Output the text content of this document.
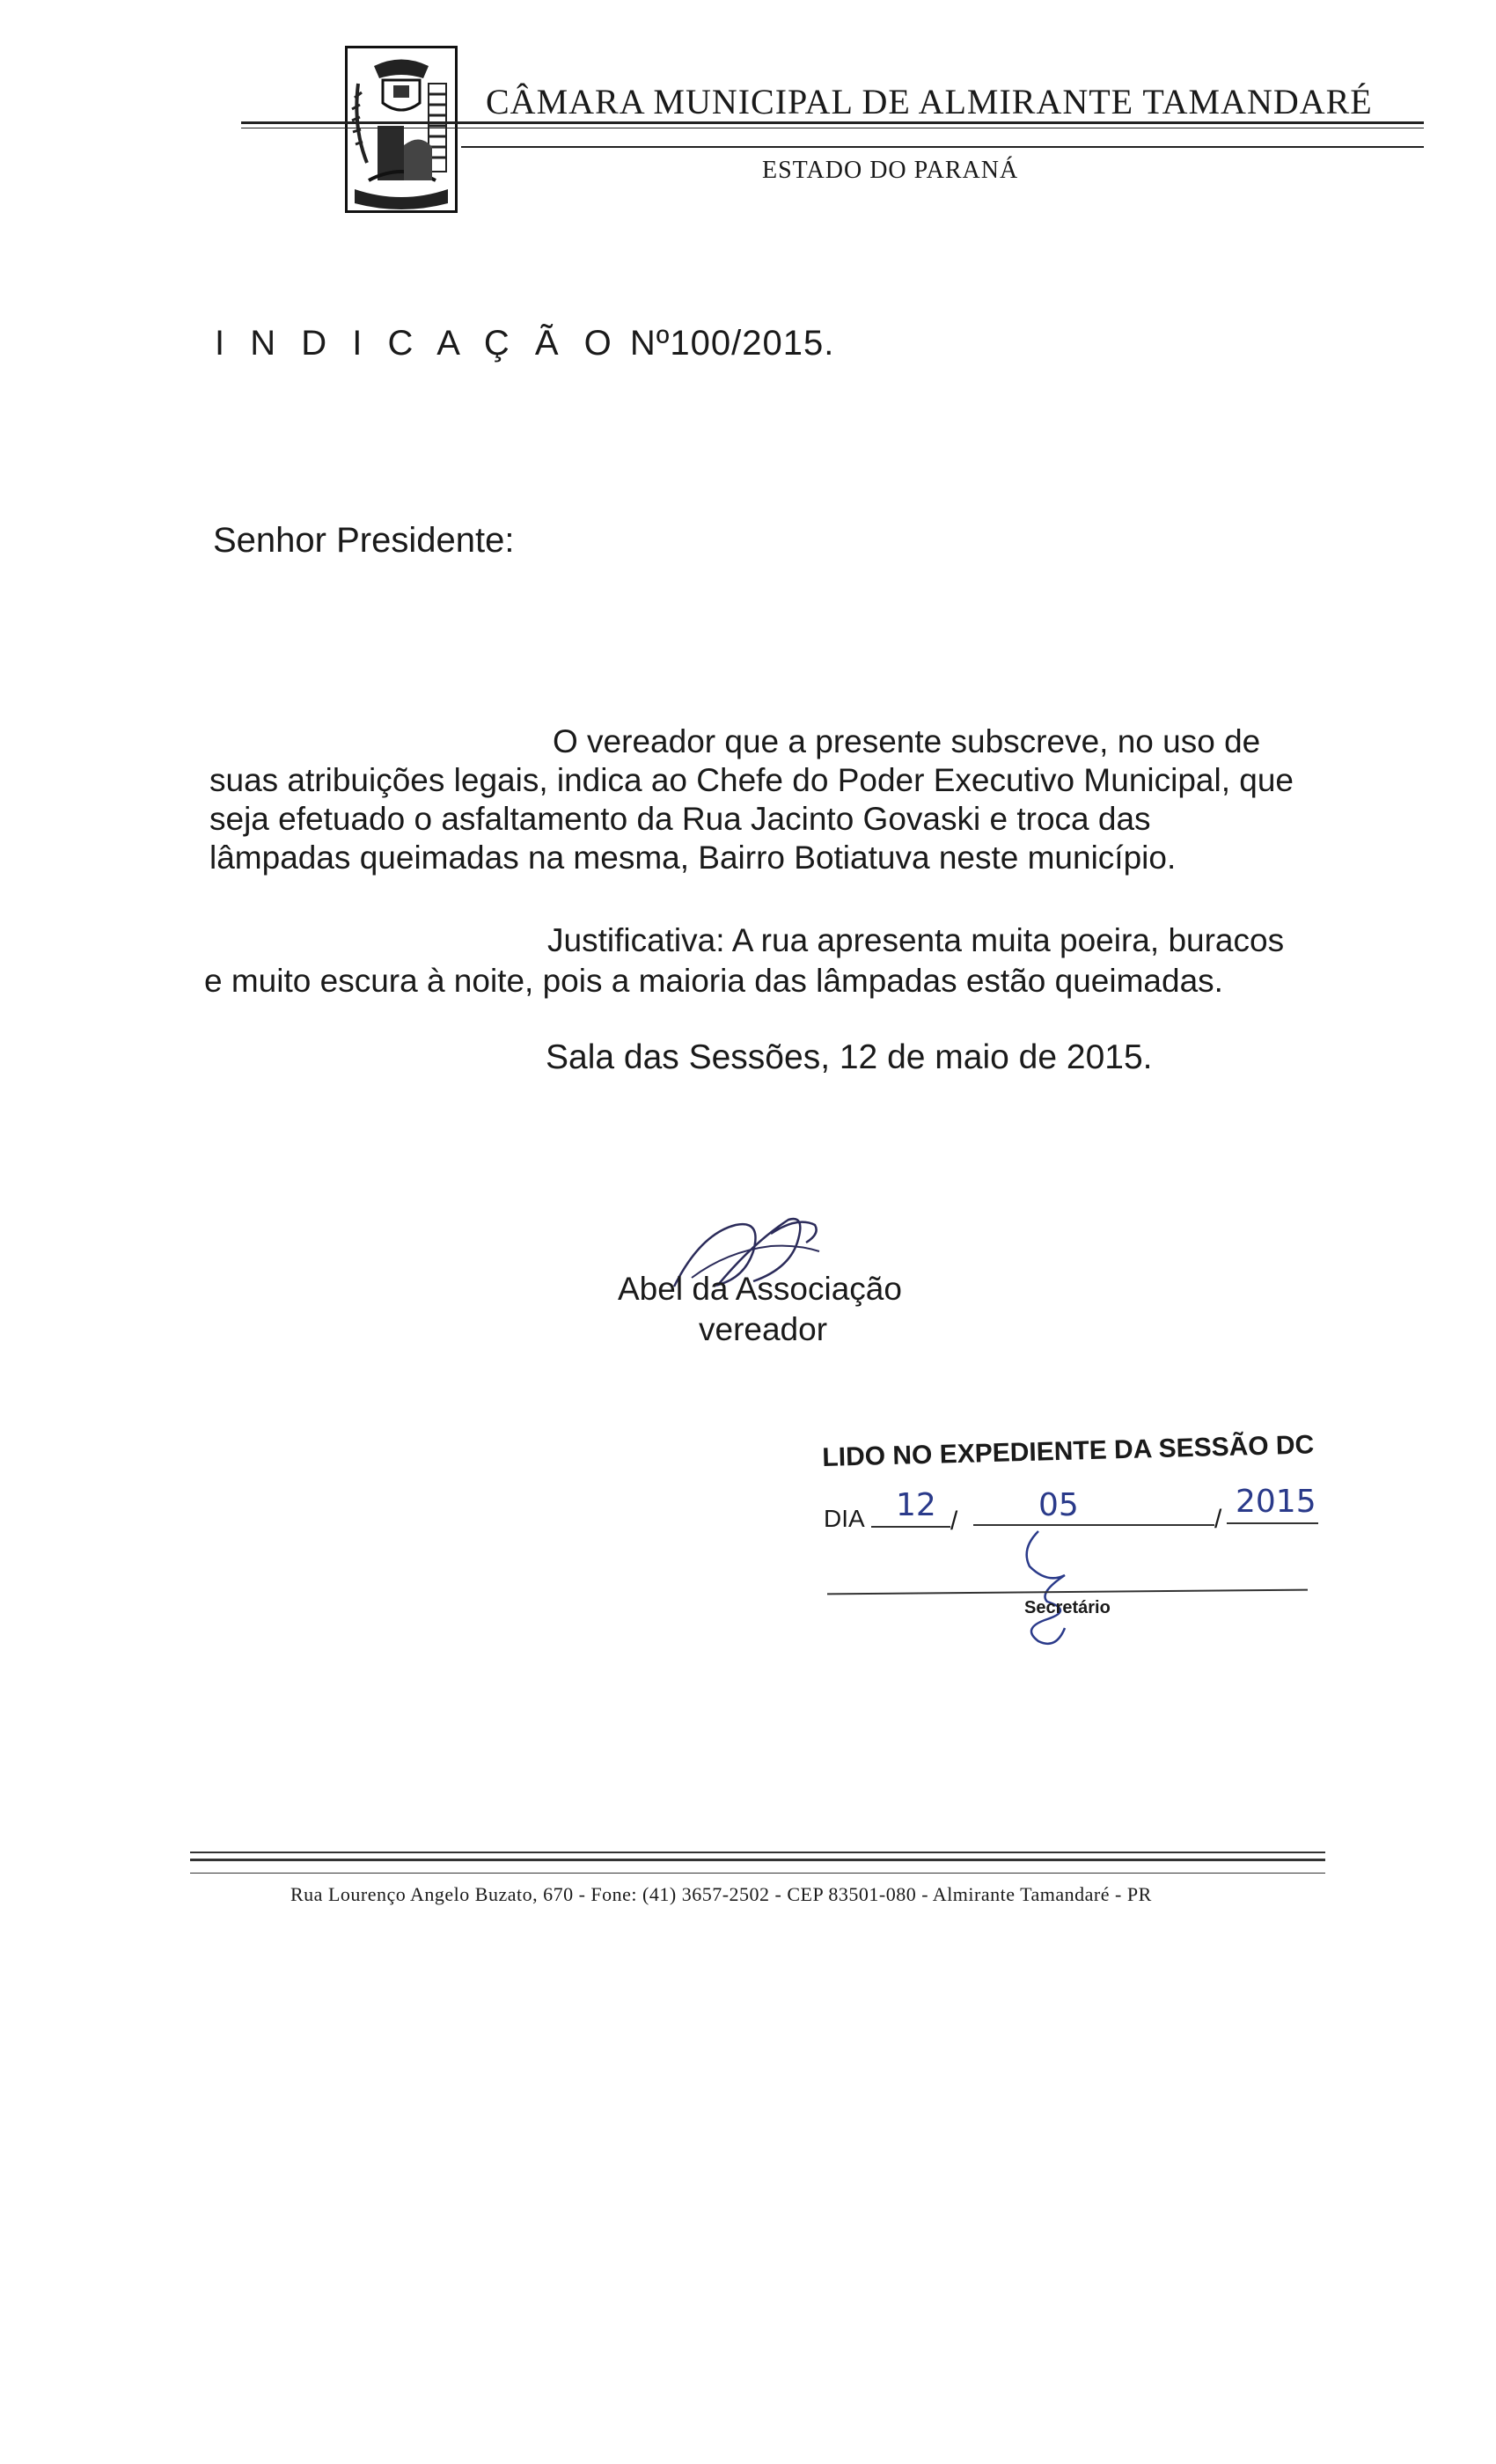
CÂMARA MUNICIPAL DE ALMIRANTE TAMANDARÉ
ESTADO DO PARANÁ
I N D I C A Ç Ã O Nº100/2015.
Senhor Presidente:
O vereador que a presente subscreve, no uso de
suas atribuições legais, indica ao Chefe do Poder Executivo Municipal, que
seja efetuado o asfaltamento da Rua Jacinto Govaski e troca das
lâmpadas queimadas na mesma, Bairro Botiatuva neste município.
Justificativa: A rua apresenta muita poeira, buracos
e muito escura à noite, pois a maioria das lâmpadas estão queimadas.
Sala das Sessões, 12 de maio de 2015.
Abel da Associação
vereador
LIDO NO EXPEDIENTE DA SESSÃO DC
DIA	/	/
12	05	2015
Secretário
Rua Lourenço Angelo Buzato, 670 - Fone: (41) 3657-2502 - CEP 83501-080 - Almirante Tamandaré - PR
